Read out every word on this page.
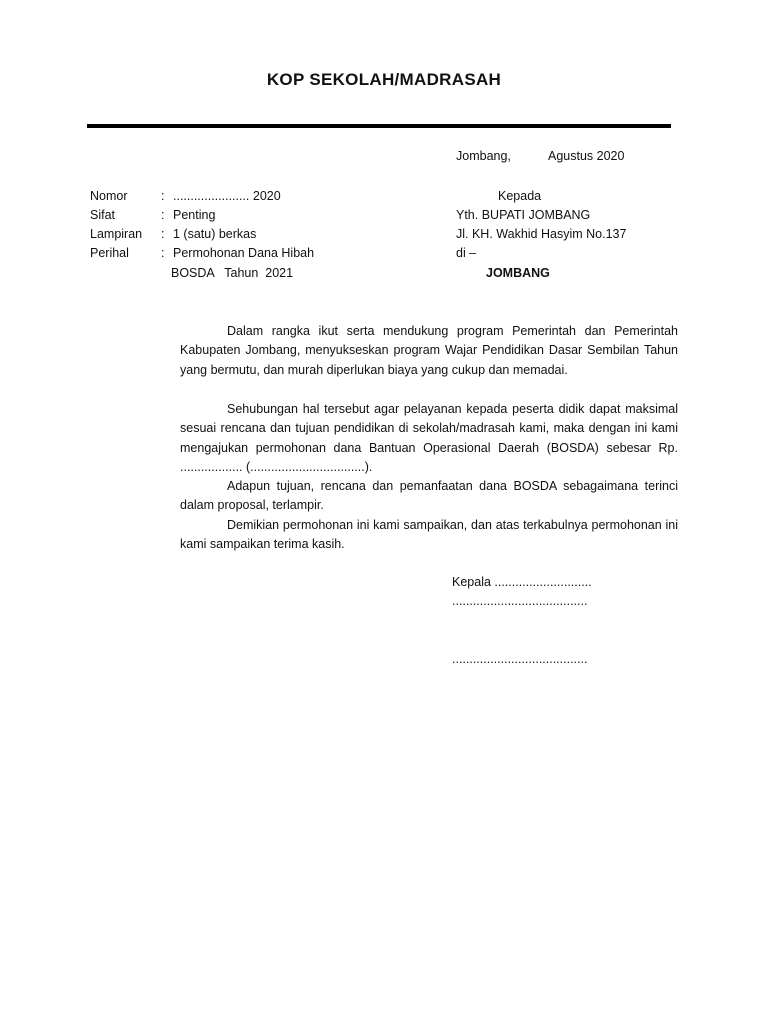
KOP SEKOLAH/MADRASAH
Jombang,	Agustus 2020
Nomor	: ...................... 2020
Sifat	: Penting
Lampiran : 1 (satu) berkas
Perihal	: Permohonan Dana Hibah
BOSDA   Tahun  2021
Kepada
Yth. BUPATI JOMBANG
Jl. KH. Wakhid Hasyim No.137
di –
JOMBANG

Dalam rangka ikut serta mendukung program Pemerintah dan Pemerintah Kabupaten Jombang, menyukseskan program Wajar Pendidikan Dasar Sembilan Tahun yang bermutu, dan murah diperlukan biaya yang cukup dan memadai.

Sehubungan hal tersebut agar pelayanan kepada peserta didik dapat maksimal sesuai rencana dan tujuan pendidikan di sekolah/madrasah kami, maka dengan ini kami mengajukan permohonan dana Bantuan Operasional Daerah (BOSDA) sebesar Rp. .................. (.................................).

Adapun tujuan, rencana dan pemanfaatan dana BOSDA sebagaimana terinci dalam proposal, terlampir.

Demikian permohonan ini kami sampaikan, dan atas terkabulnya permohonan ini kami sampaikan terima kasih.

Kepala ............................
.......................................
.......................................
